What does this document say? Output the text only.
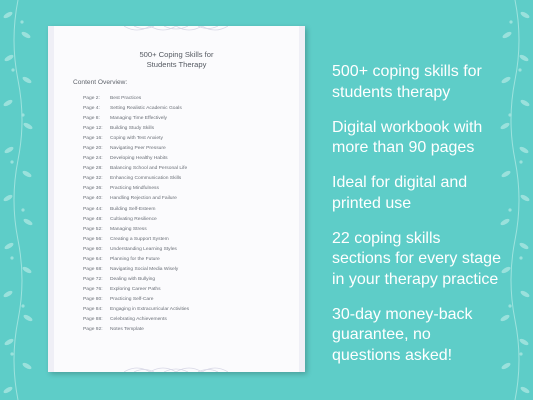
500+ Coping Skills for
Students Therapy
Content Overview:
Page 2: Best Practices
Page 4: Setting Realistic Academic Goals
Page 8: Managing Time Effectively
Page 12: Building Study Skills
Page 16: Coping with Test Anxiety
Page 20: Navigating Peer Pressure
Page 24: Developing Healthy Habits
Page 28: Balancing School and Personal Life
Page 32: Enhancing Communication Skills
Page 36: Practicing Mindfulness
Page 40: Handling Rejection and Failure
Page 44: Building Self-Esteem
Page 48: Cultivating Resilience
Page 52: Managing Stress
Page 56: Creating a Support System
Page 60: Understanding Learning Styles
Page 64: Planning for the Future
Page 68: Navigating Social Media Wisely
Page 72: Dealing with Bullying
Page 76: Exploring Career Paths
Page 80: Practicing Self-Care
Page 84: Engaging in Extracurricular Activities
Page 88: Celebrating Achievements
Page 92: Notes Template
500+ coping skills for
students therapy
Digital workbook with
more than 90 pages
Ideal for digital and
printed use
22 coping skills
sections for every stage
in your therapy practice
30-day money-back
guarantee, no
questions asked!
